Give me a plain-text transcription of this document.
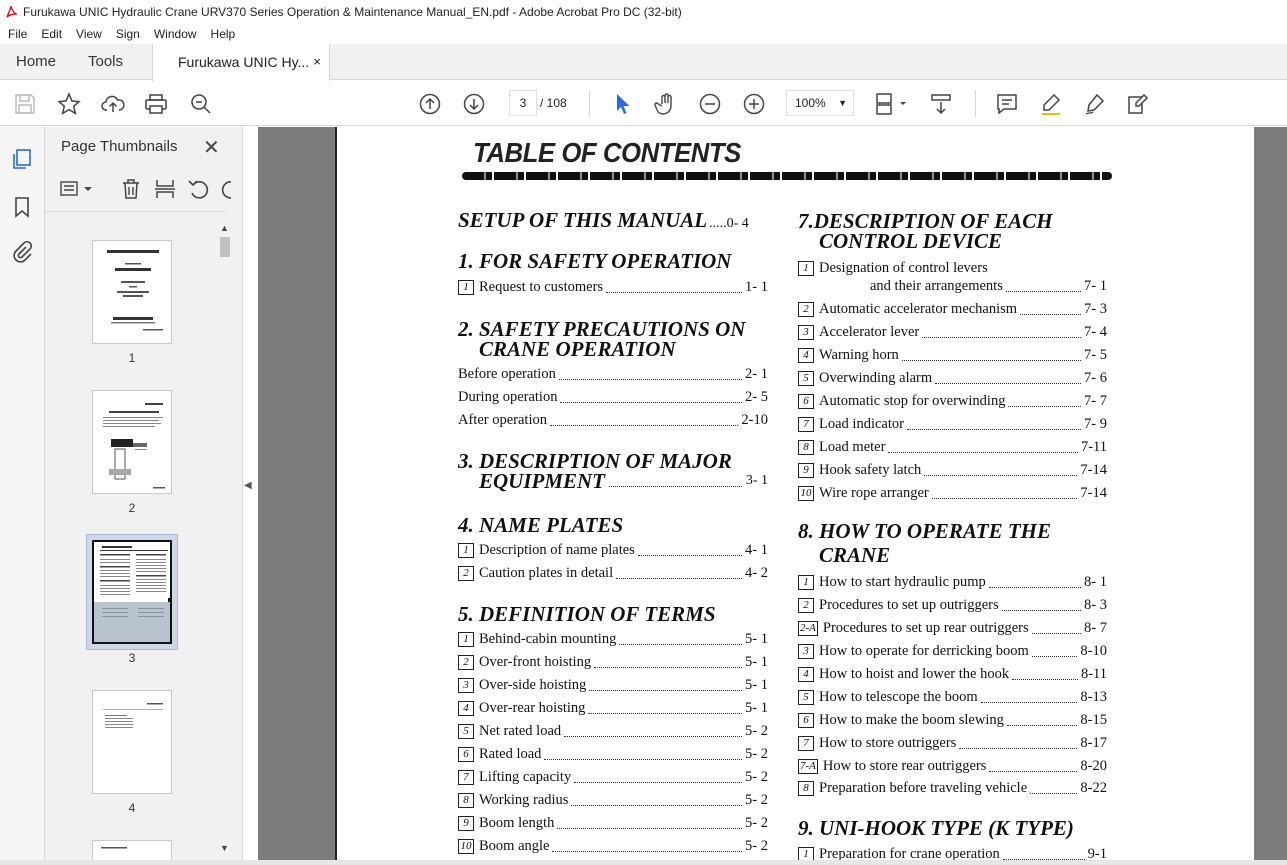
Furukawa UNIC Hydraulic Crane URV370 Series Operation & Maintenance Manual_EN.pdf - Adobe Acrobat Pro DC (32-bit)
File	Edit	View	Sign	Window	Help
Home Tools	Furukawa UNIC Hy... ×
3	/ 108	100% ▼
Page Thumbnails ✕
1
2
3
4
▲
▼
◀
TABLE OF CONTENTS
SETUP OF THIS MANUAL .....0- 4
1. FOR SAFETY OPERATION
1 Request to customers	1- 1
2. SAFETY PRECAUTIONS ON
CRANE OPERATION
Before operation	2- 1
During operation	2- 5
After operation	2-10
3. DESCRIPTION OF MAJOR
EQUIPMENT	3- 1
4. NAME PLATES
1 Description of name plates	4- 1
2 Caution plates in detail	4- 2
5. DEFINITION OF TERMS
1 Behind-cabin mounting	5- 1
2 Over-front hoisting	5- 1
3 Over-side hoisting	5- 1
4 Over-rear hoisting	5- 1
5 Net rated load	5- 2
6 Rated load	5- 2
7 Lifting capacity	5- 2
8 Working radius	5- 2
9 Boom length	5- 2
10 Boom angle	5- 2
7.DESCRIPTION OF EACH
CONTROL DEVICE
1 Designation of control levers
and their arrangements	7- 1
2 Automatic accelerator mechanism	7- 3
3 Accelerator lever	7- 4
4 Warning horn	7- 5
5 Overwinding alarm	7- 6
6 Automatic stop for overwinding	7- 7
7 Load indicator	7- 9
8 Load meter	7-11
9 Hook safety latch	7-14
10 Wire rope arranger	7-14
8. HOW TO OPERATE THE
CRANE
1 How to start hydraulic pump	8- 1
2 Procedures to set up outriggers	8- 3
2-A Procedures to set up rear outriggers	8- 7
3 How to operate for derricking boom	8-10
4 How to hoist and lower the hook	8-11
5 How to telescope the boom	8-13
6 How to make the boom slewing	8-15
7 How to store outriggers	8-17
7-A How to store rear outriggers	8-20
8 Preparation before traveling vehicle	8-22
9. UNI-HOOK TYPE (K TYPE)
1 Preparation for crane operation	9-1
